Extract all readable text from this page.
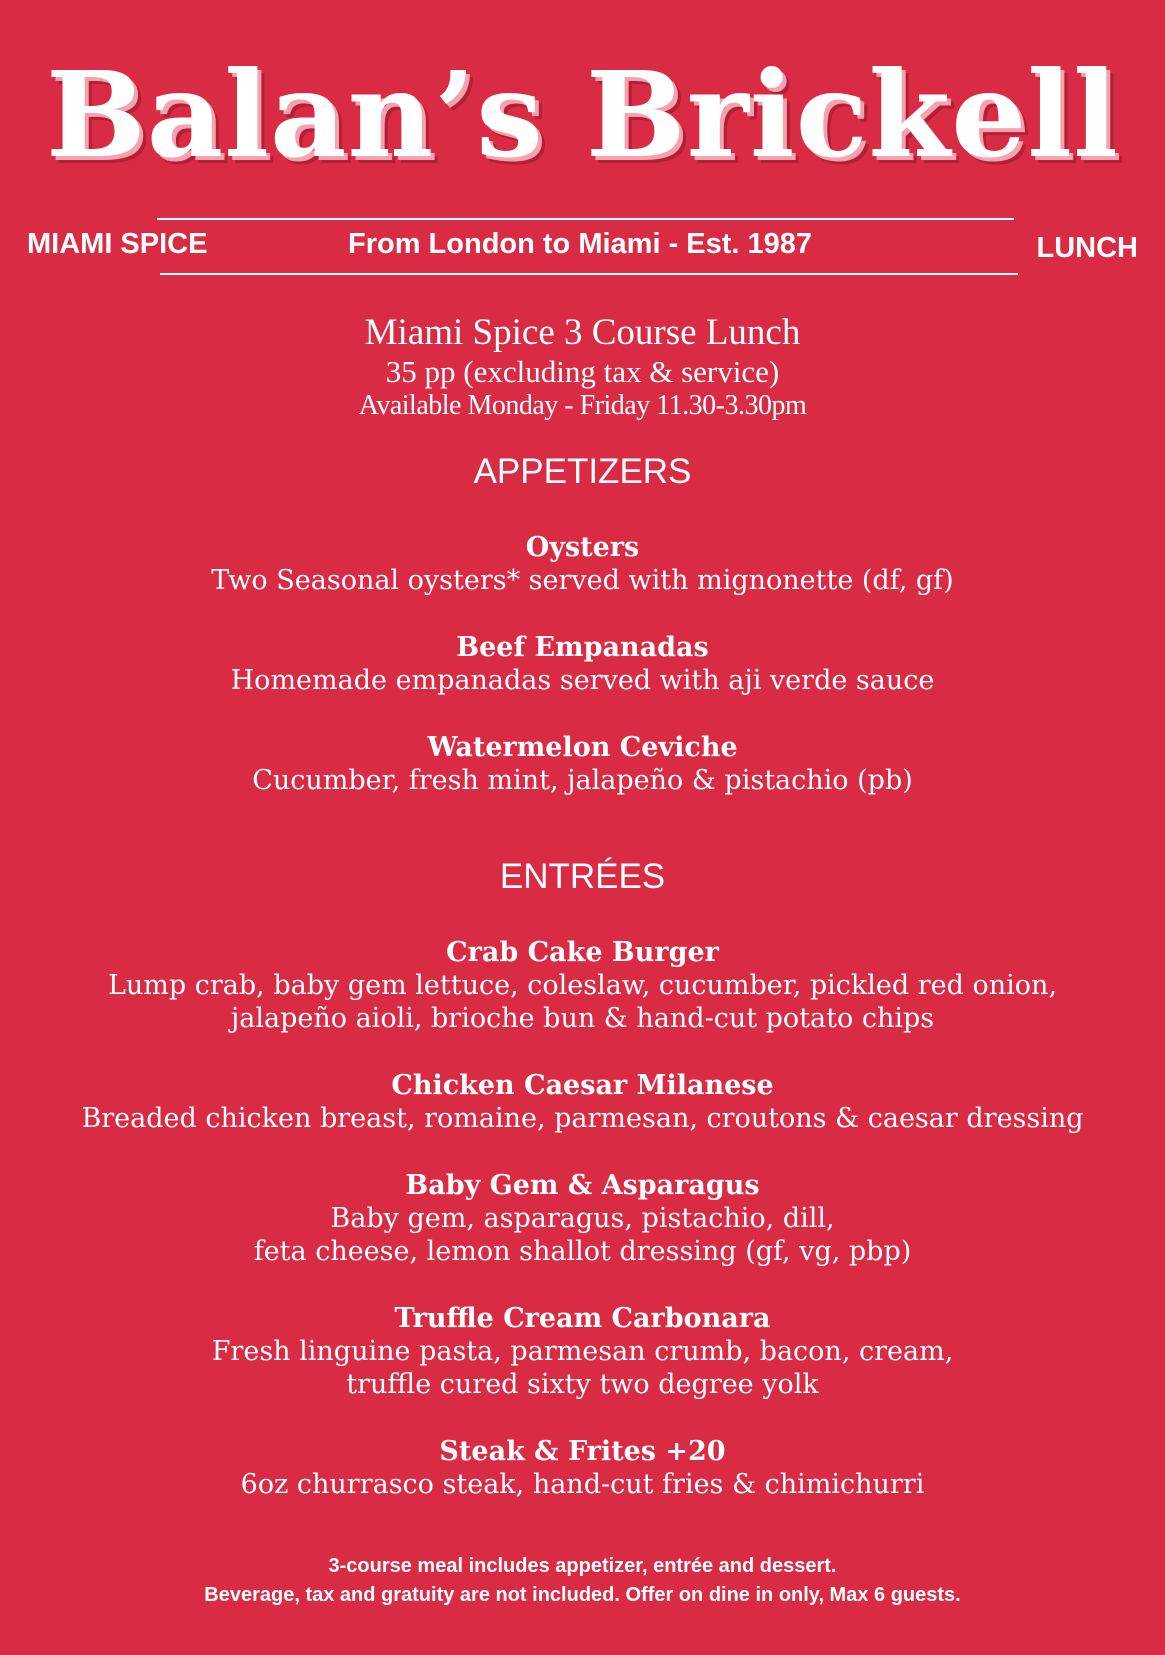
Balan’s Brickell
MIAMI SPICE	From London to Miami - Est. 1987	LUNCH
Miami Spice 3 Course Lunch
35 pp (excluding tax & service)
Available Monday - Friday 11.30-3.30pm
APPETIZERS
Oysters
Two Seasonal oysters* served with mignonette (df, gf)
Beef Empanadas
Homemade empanadas served with aji verde sauce
Watermelon Ceviche
Cucumber, fresh mint, jalapeño & pistachio (pb)
ENTRÉES
Crab Cake Burger
Lump crab, baby gem lettuce, coleslaw, cucumber, pickled red onion,
jalapeño aioli, brioche bun & hand-cut potato chips
Chicken Caesar Milanese
Breaded chicken breast, romaine, parmesan, croutons & caesar dressing
Baby Gem & Asparagus
Baby gem, asparagus, pistachio, dill,
feta cheese, lemon shallot dressing (gf, vg, pbp)
Truffle Cream Carbonara
Fresh linguine pasta, parmesan crumb, bacon, cream,
truffle cured sixty two degree yolk
Steak & Frites +20
6oz churrasco steak, hand-cut fries & chimichurri
3-course meal includes appetizer, entrée and dessert.
Beverage, tax and gratuity are not included. Offer on dine in only, Max 6 guests.
